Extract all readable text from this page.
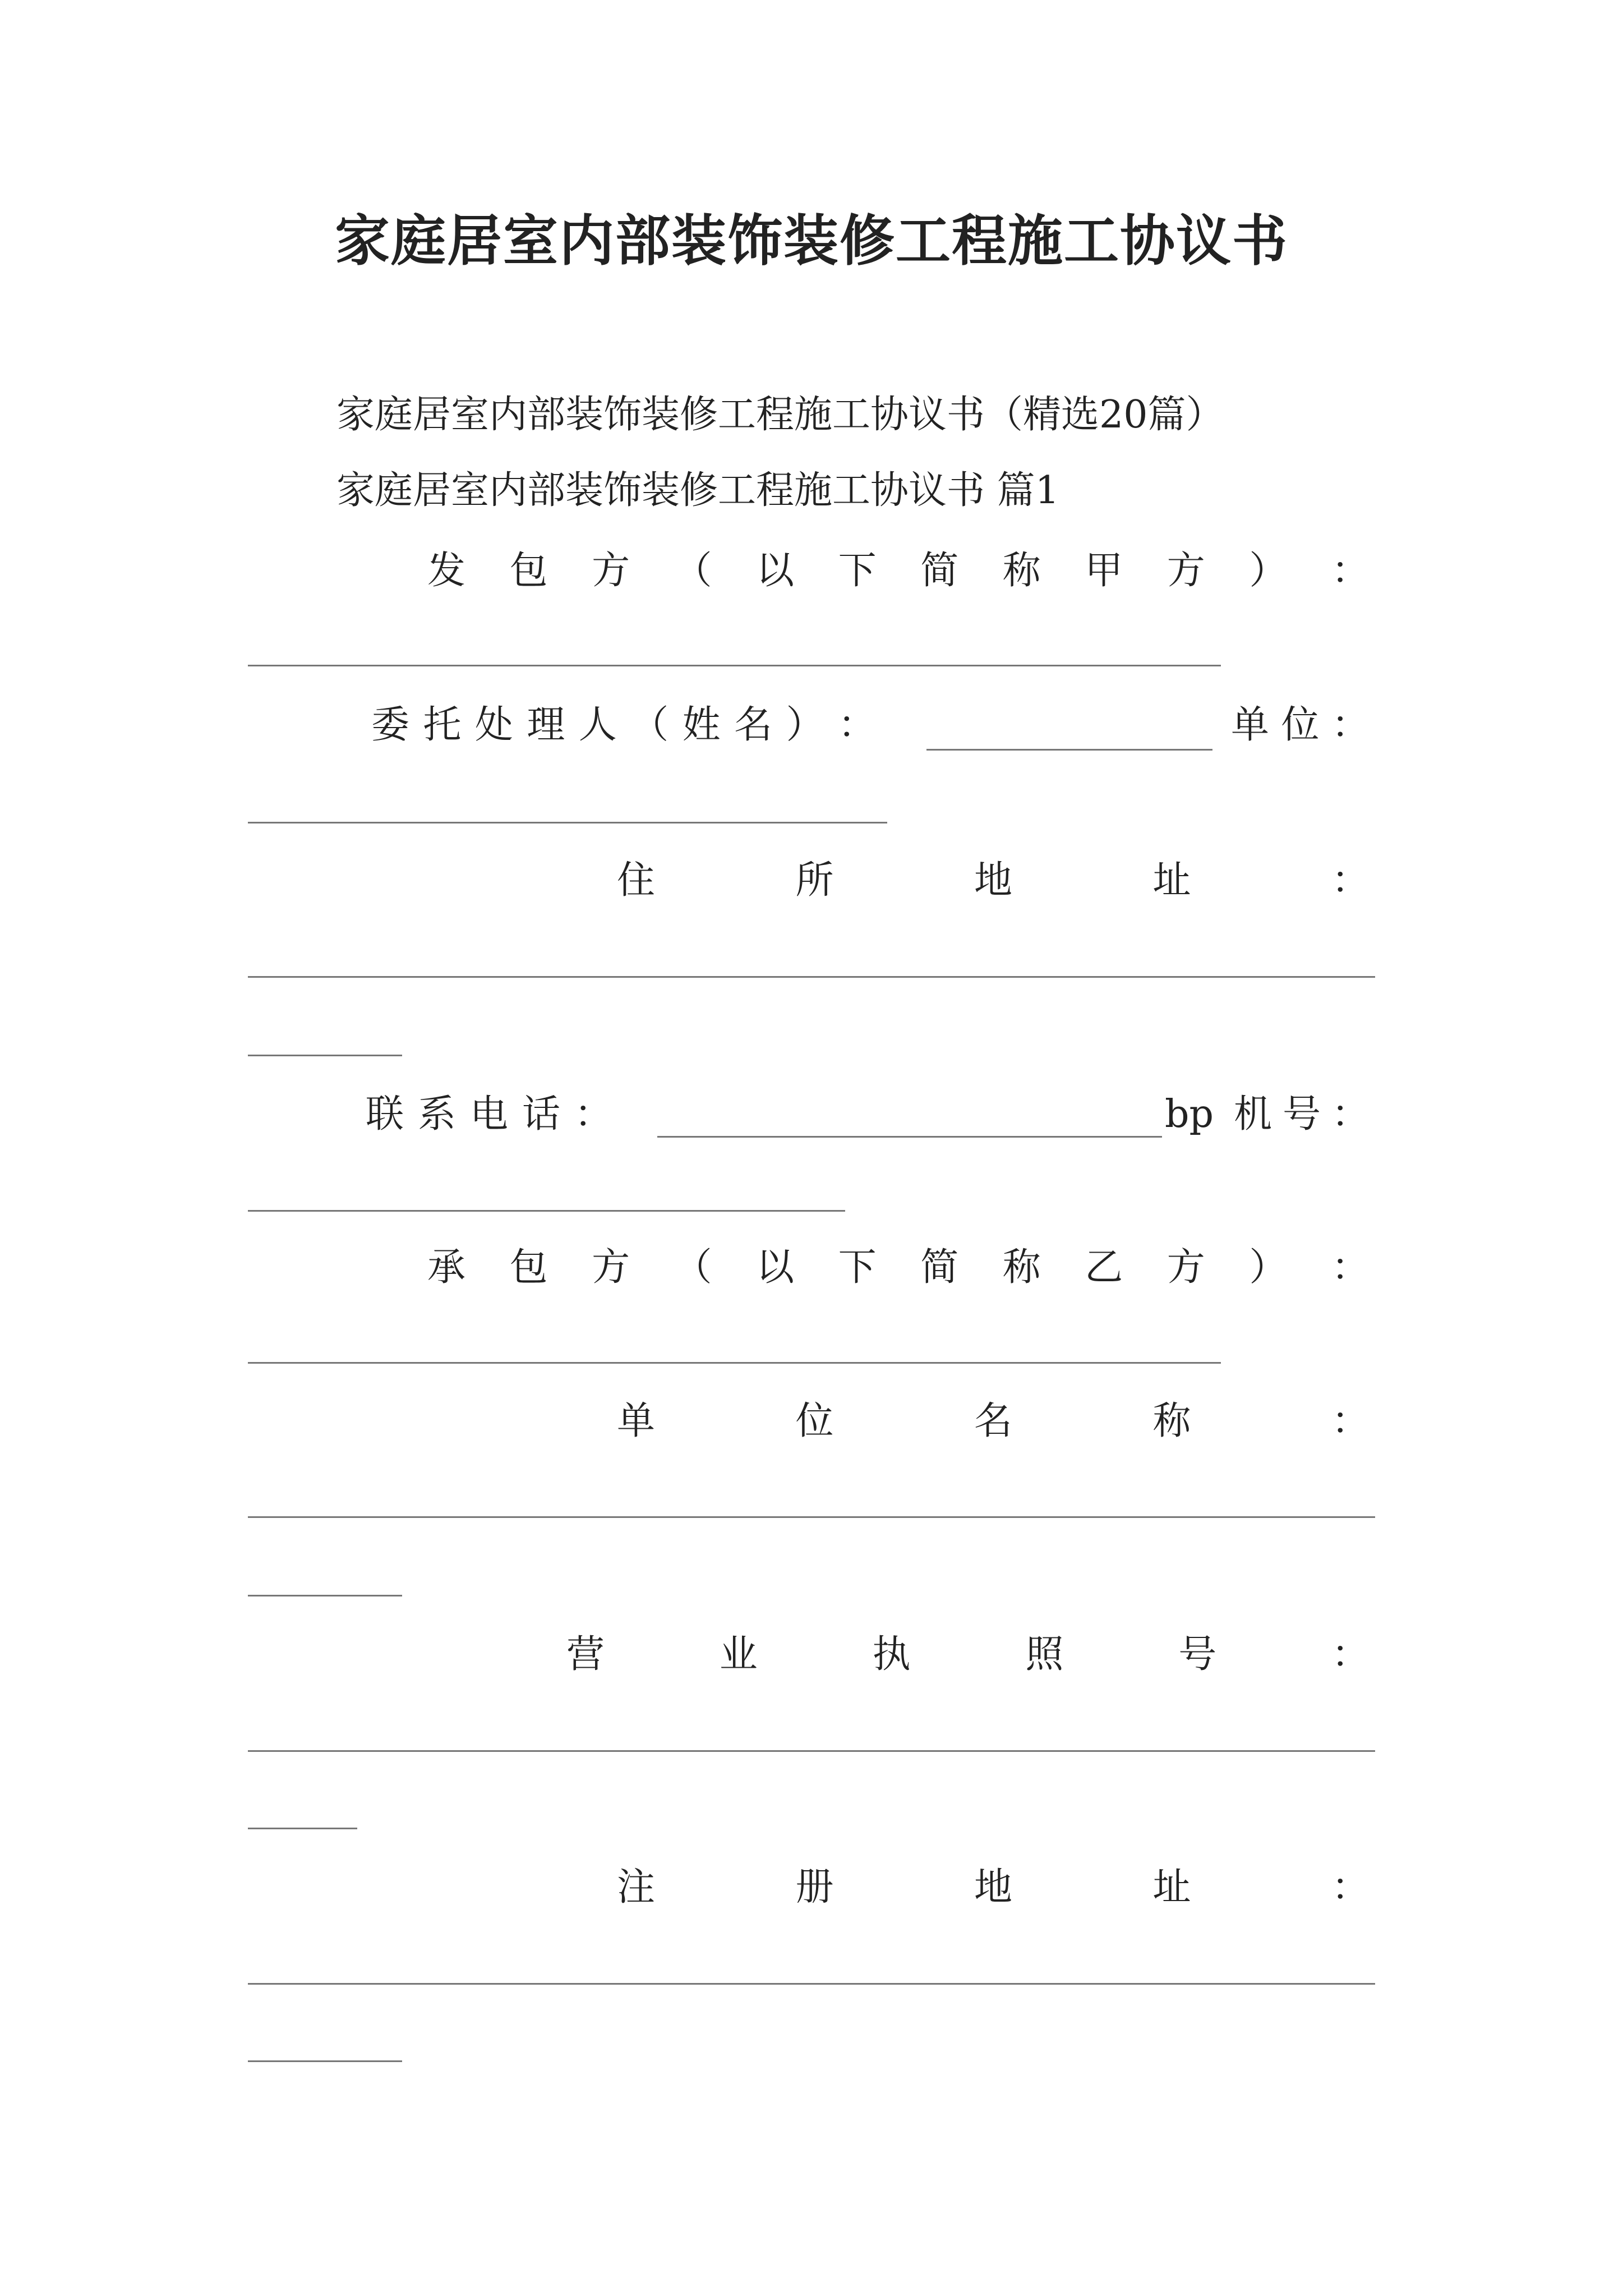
家庭居室内部装饰装修工程施工协议书

家庭居室内部装饰装修工程施工协议书（精选20篇）

家庭居室内部装饰装修工程施工协议书 篇1

发 包 方 （ 以 下 简 称 甲 方 ） ：
委 托 处 理 人 （ 姓 名 ） ：	单 位 ：
住	所	地	址	：
联 系 电 话 ：	bp 机 号 ：
承 包 方 （ 以 下 简 称 乙 方 ） ：
单	位	名	称	：
营	业	执	照	号	：
注	册	地	址	：
